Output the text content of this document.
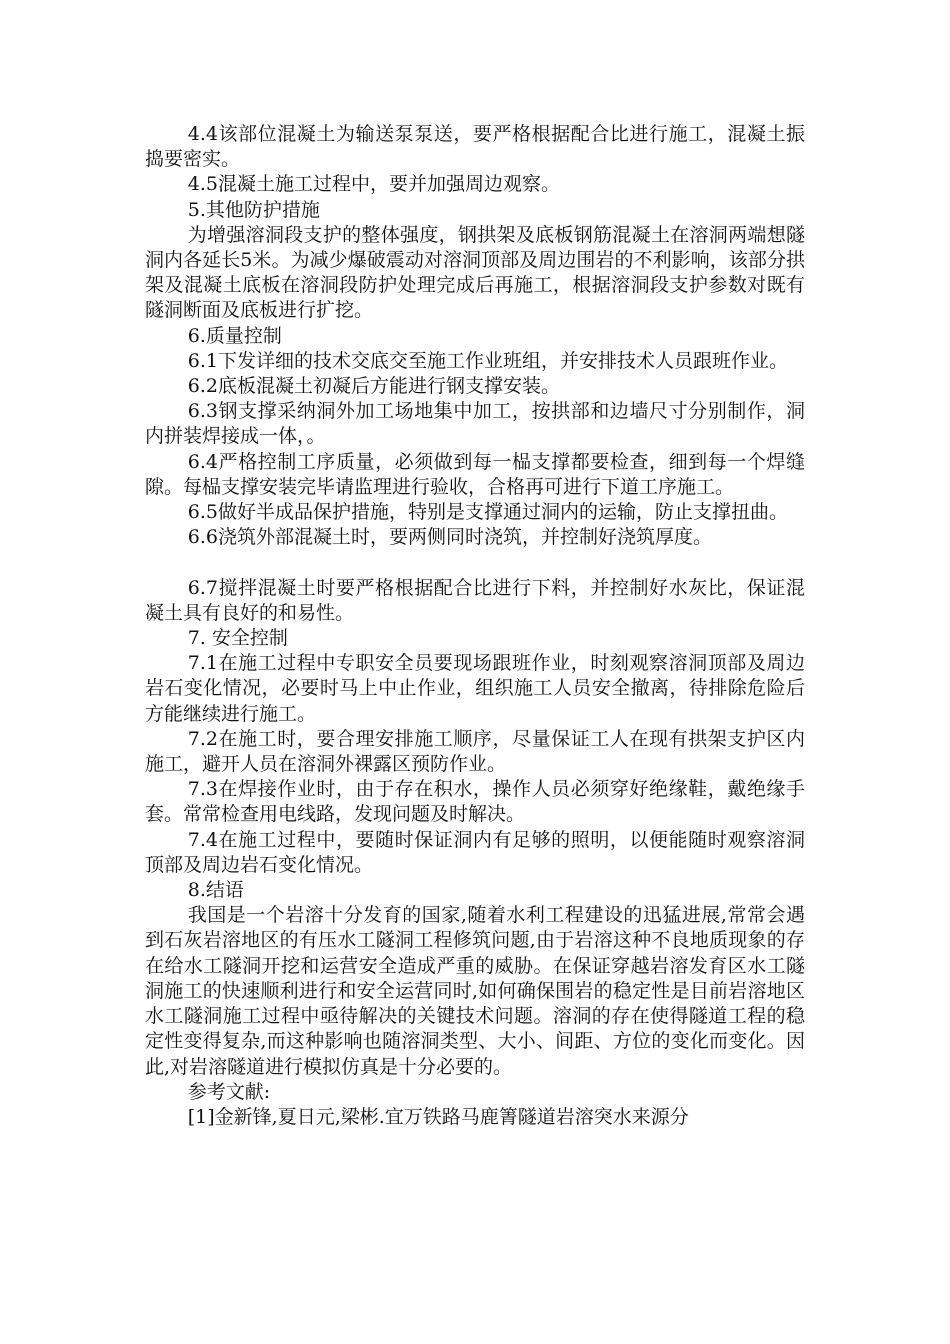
4.4该部位混凝土为输送泵泵送，要严格根据配合比进行施工，混凝土振捣要密实。

4.5混凝土施工过程中，要并加强周边观察。

5.其他防护措施

为增强溶洞段支护的整体强度，钢拱架及底板钢筋混凝土在溶洞两端想隧洞内各延长5米。为减少爆破震动对溶洞顶部及周边围岩的不利影响，该部分拱架及混凝土底板在溶洞段防护处理完成后再施工，根据溶洞段支护参数对既有隧洞断面及底板进行扩挖。

6.质量控制

6.1下发详细的技术交底交至施工作业班组，并安排技术人员跟班作业。

6.2底板混凝土初凝后方能进行钢支撑安装。

6.3钢支撑采纳洞外加工场地集中加工，按拱部和边墙尺寸分别制作，洞内拼装焊接成一体，。

6.4严格控制工序质量，必须做到每一榀支撑都要检查，细到每一个焊缝隙。每榀支撑安装完毕请监理进行验收，合格再可进行下道工序施工。

6.5做好半成品保护措施，特别是支撑通过洞内的运输，防止支撑扭曲。

6.6浇筑外部混凝土时，要两侧同时浇筑，并控制好浇筑厚度。

6.7搅拌混凝土时要严格根据配合比进行下料，并控制好水灰比，保证混凝土具有良好的和易性。

7. 安全控制

7.1在施工过程中专职安全员要现场跟班作业，时刻观察溶洞顶部及周边岩石变化情况，必要时马上中止作业，组织施工人员安全撤离，待排除危险后方能继续进行施工。

7.2在施工时，要合理安排施工顺序，尽量保证工人在现有拱架支护区内施工，避开人员在溶洞外裸露区预防作业。

7.3在焊接作业时，由于存在积水，操作人员必须穿好绝缘鞋，戴绝缘手套。常常检查用电线路，发现问题及时解决。

7.4在施工过程中，要随时保证洞内有足够的照明，以便能随时观察溶洞顶部及周边岩石变化情况。

8.结语

我国是一个岩溶十分发育的国家,随着水利工程建设的迅猛进展,常常会遇到石灰岩溶地区的有压水工隧洞工程修筑问题,由于岩溶这种不良地质现象的存在给水工隧洞开挖和运营安全造成严重的威胁。在保证穿越岩溶发育区水工隧洞施工的快速顺利进行和安全运营同时,如何确保围岩的稳定性是目前岩溶地区水工隧洞施工过程中亟待解决的关键技术问题。溶洞的存在使得隧道工程的稳定性变得复杂,而这种影响也随溶洞类型、大小、间距、方位的变化而变化。因此,对岩溶隧道进行模拟仿真是十分必要的。

参考文献:

[1]金新锋,夏日元,梁彬.宜万铁路马鹿箐隧道岩溶突水来源分
